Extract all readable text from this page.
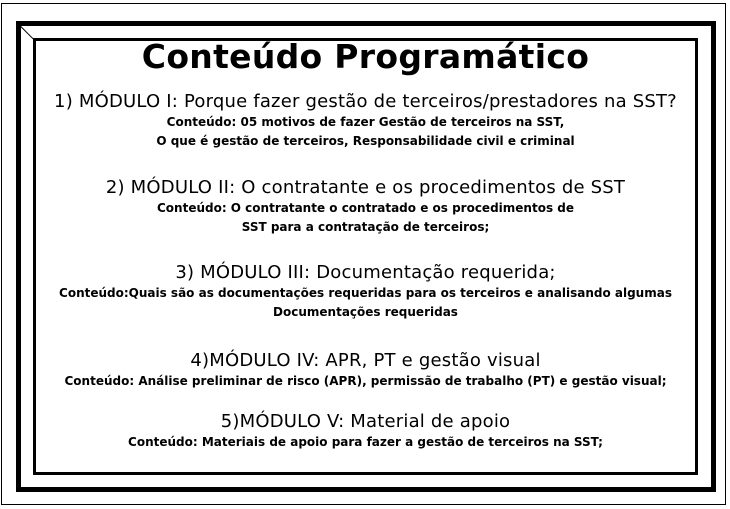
Conteúdo Programático
1) MÓDULO I: Porque fazer gestão de terceiros/prestadores na SST?
Conteúdo: 05 motivos de fazer Gestão de terceiros na SST,
O que é gestão de terceiros, Responsabilidade civil e criminal
2) MÓDULO II: O contratante e os procedimentos de SST
Conteúdo: O contratante o contratado e os procedimentos de
SST para a contratação de terceiros;
3) MÓDULO III: Documentação requerida;
Conteúdo:Quais são as documentações requeridas para os terceiros e analisando algumas
Documentações requeridas
4)MÓDULO IV: APR, PT e gestão visual
Conteúdo: Análise preliminar de risco (APR), permissão de trabalho (PT) e gestão visual;
5)MÓDULO V: Material de apoio
Conteúdo: Materiais de apoio para fazer a gestão de terceiros na SST;
